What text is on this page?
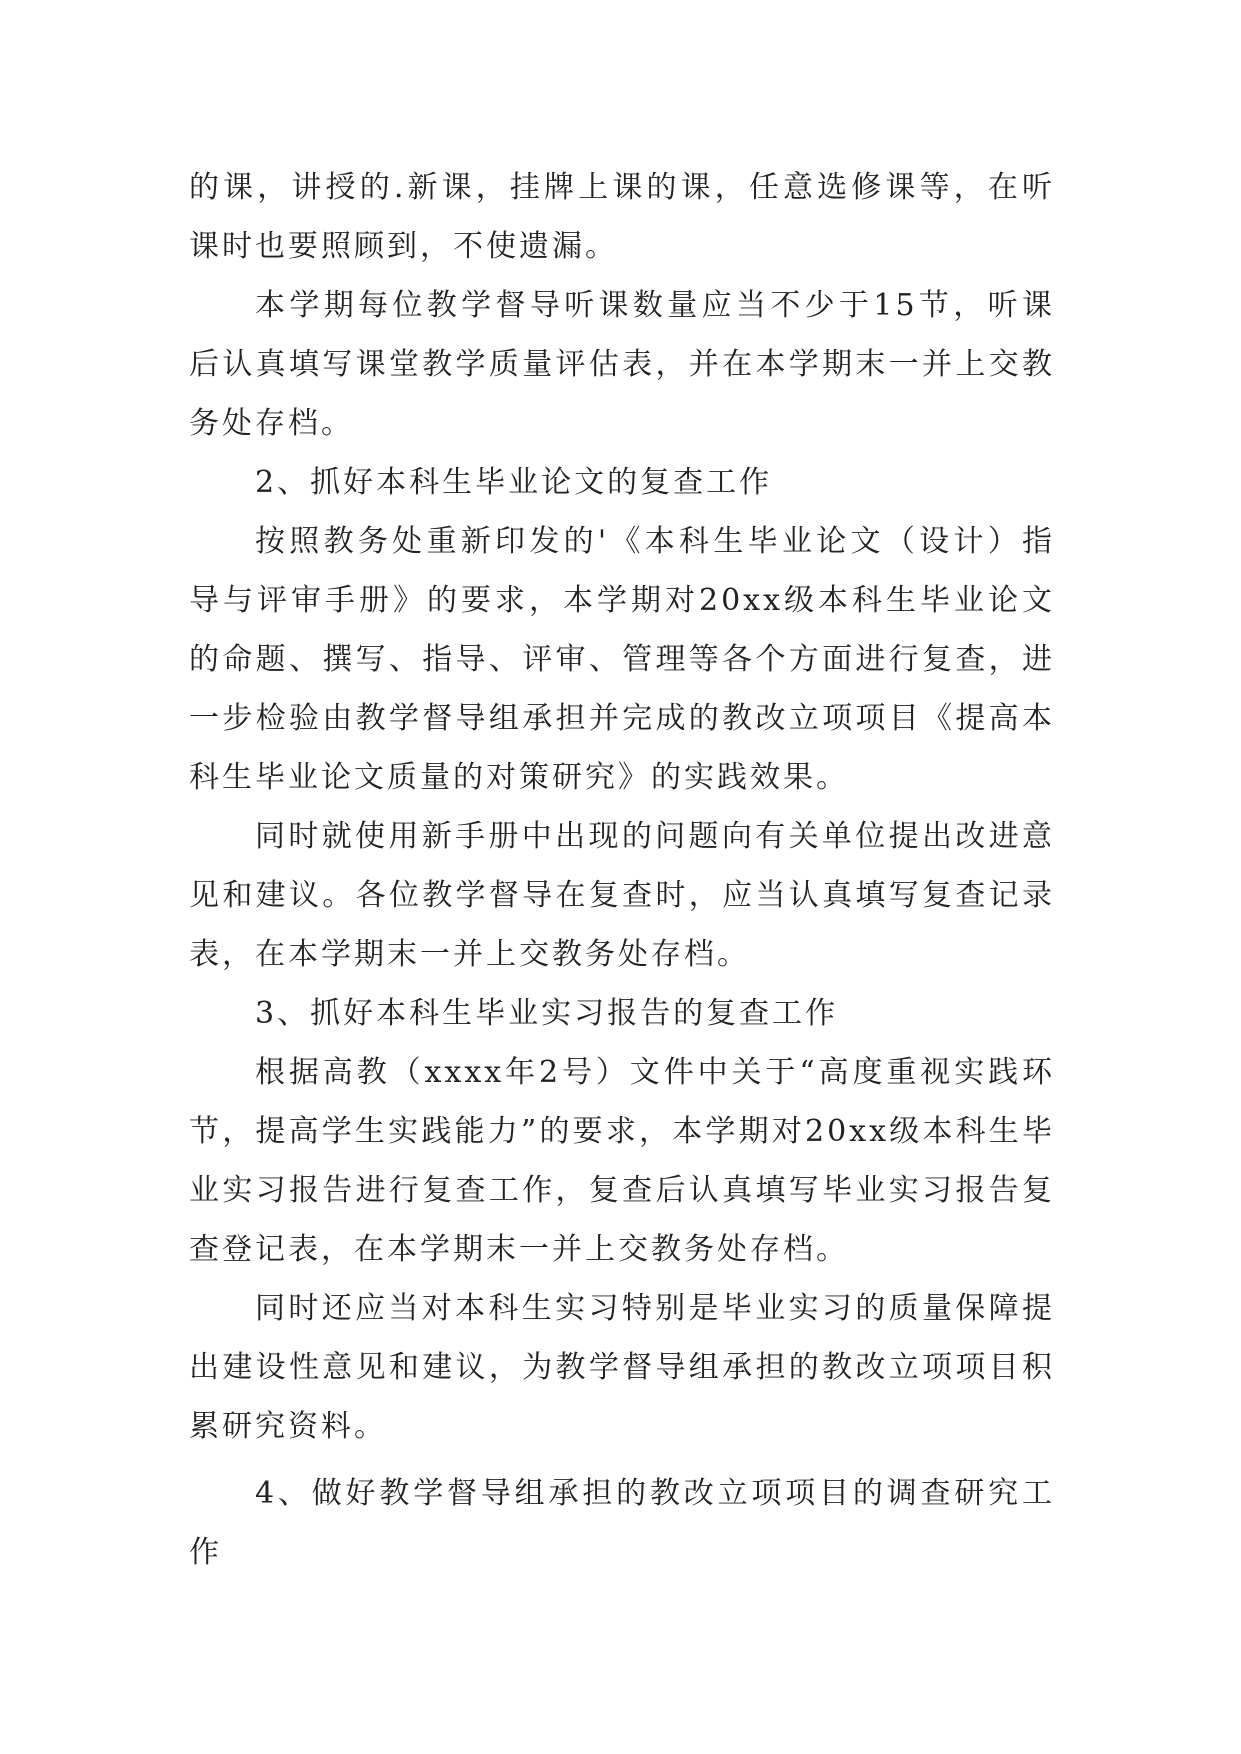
的课，讲授的.新课，挂牌上课的课，任意选修课等，在听课时也要照顾到，不使遗漏。

本学期每位教学督导听课数量应当不少于15节，听课后认真填写课堂教学质量评估表，并在本学期末一并上交教务处存档。

2、抓好本科生毕业论文的复查工作

按照教务处重新印发的'《本科生毕业论文（设计）指导与评审手册》的要求，本学期对20xx级本科生毕业论文的命题、撰写、指导、评审、管理等各个方面进行复查，进一步检验由教学督导组承担并完成的教改立项项目《提高本科生毕业论文质量的对策研究》的实践效果。

同时就使用新手册中出现的问题向有关单位提出改进意见和建议。各位教学督导在复查时，应当认真填写复查记录表，在本学期末一并上交教务处存档。

3、抓好本科生毕业实习报告的复查工作

根据高教（xxxx年2号）文件中关于“高度重视实践环节，提高学生实践能力”的要求，本学期对20xx级本科生毕业实习报告进行复查工作，复查后认真填写毕业实习报告复查登记表，在本学期末一并上交教务处存档。

同时还应当对本科生实习特别是毕业实习的质量保障提出建设性意见和建议，为教学督导组承担的教改立项项目积累研究资料。

4、做好教学督导组承担的教改立项项目的调查研究工作
